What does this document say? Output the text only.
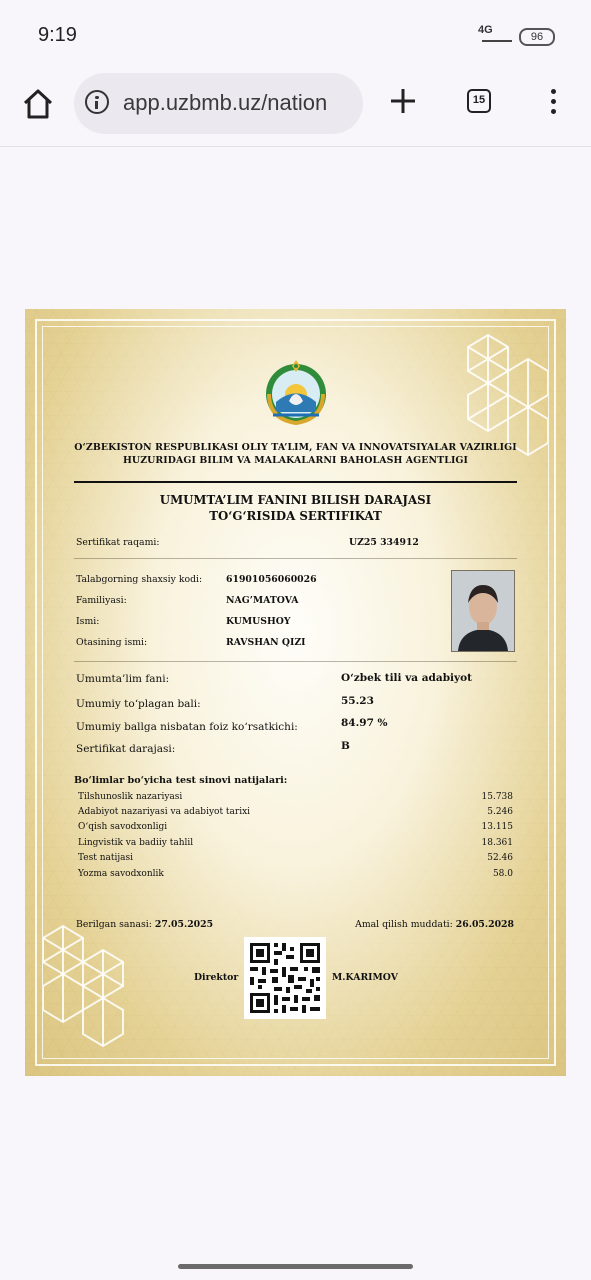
9:19	4G
96
app.uzbmb.uz/nation	15
O‘ZBEKISTON RESPUBLIKASI OLIY TA’LIM, FAN VA INNOVATSIYALAR VAZIRLIGI
HUZURIDAGI BILIM VA MALAKALARNI BAHOLASH AGENTLIGI
UMUMTA’LIM FANINI BILISH DARAJASI
TO‘G‘RISIDA SERTIFIKAT
Sertifikat raqami:	UZ25 334912
Talabgorning shaxsiy kodi:	61901056060026
Familiyasi:	NAG’MATOVA
Ismi:	KUMUSHOY
Otasining ismi:	RAVSHAN QIZI
Umumta’lim fani:	O‘zbek tili va adabiyot
Umumiy to‘plagan bali:	55.23
Umumiy ballga nisbatan foiz ko‘rsatkichi:	84.97 %
Sertifikat darajasi:	B
Bo‘limlar bo‘yicha test sinovi natijalari:
Tilshunoslik nazariyasi	15.738
Adabiyot nazariyasi va adabiyot tarixi	5.246
O‘qish savodxonligi	13.115
Lingvistik va badiiy tahlil	18.361
Test natijasi	52.46
Yozma savodxonlik	58.0
Berilgan sanasi: 27.05.2025	Amal qilish muddati: 26.05.2028
Direktor	M.KARIMOV
